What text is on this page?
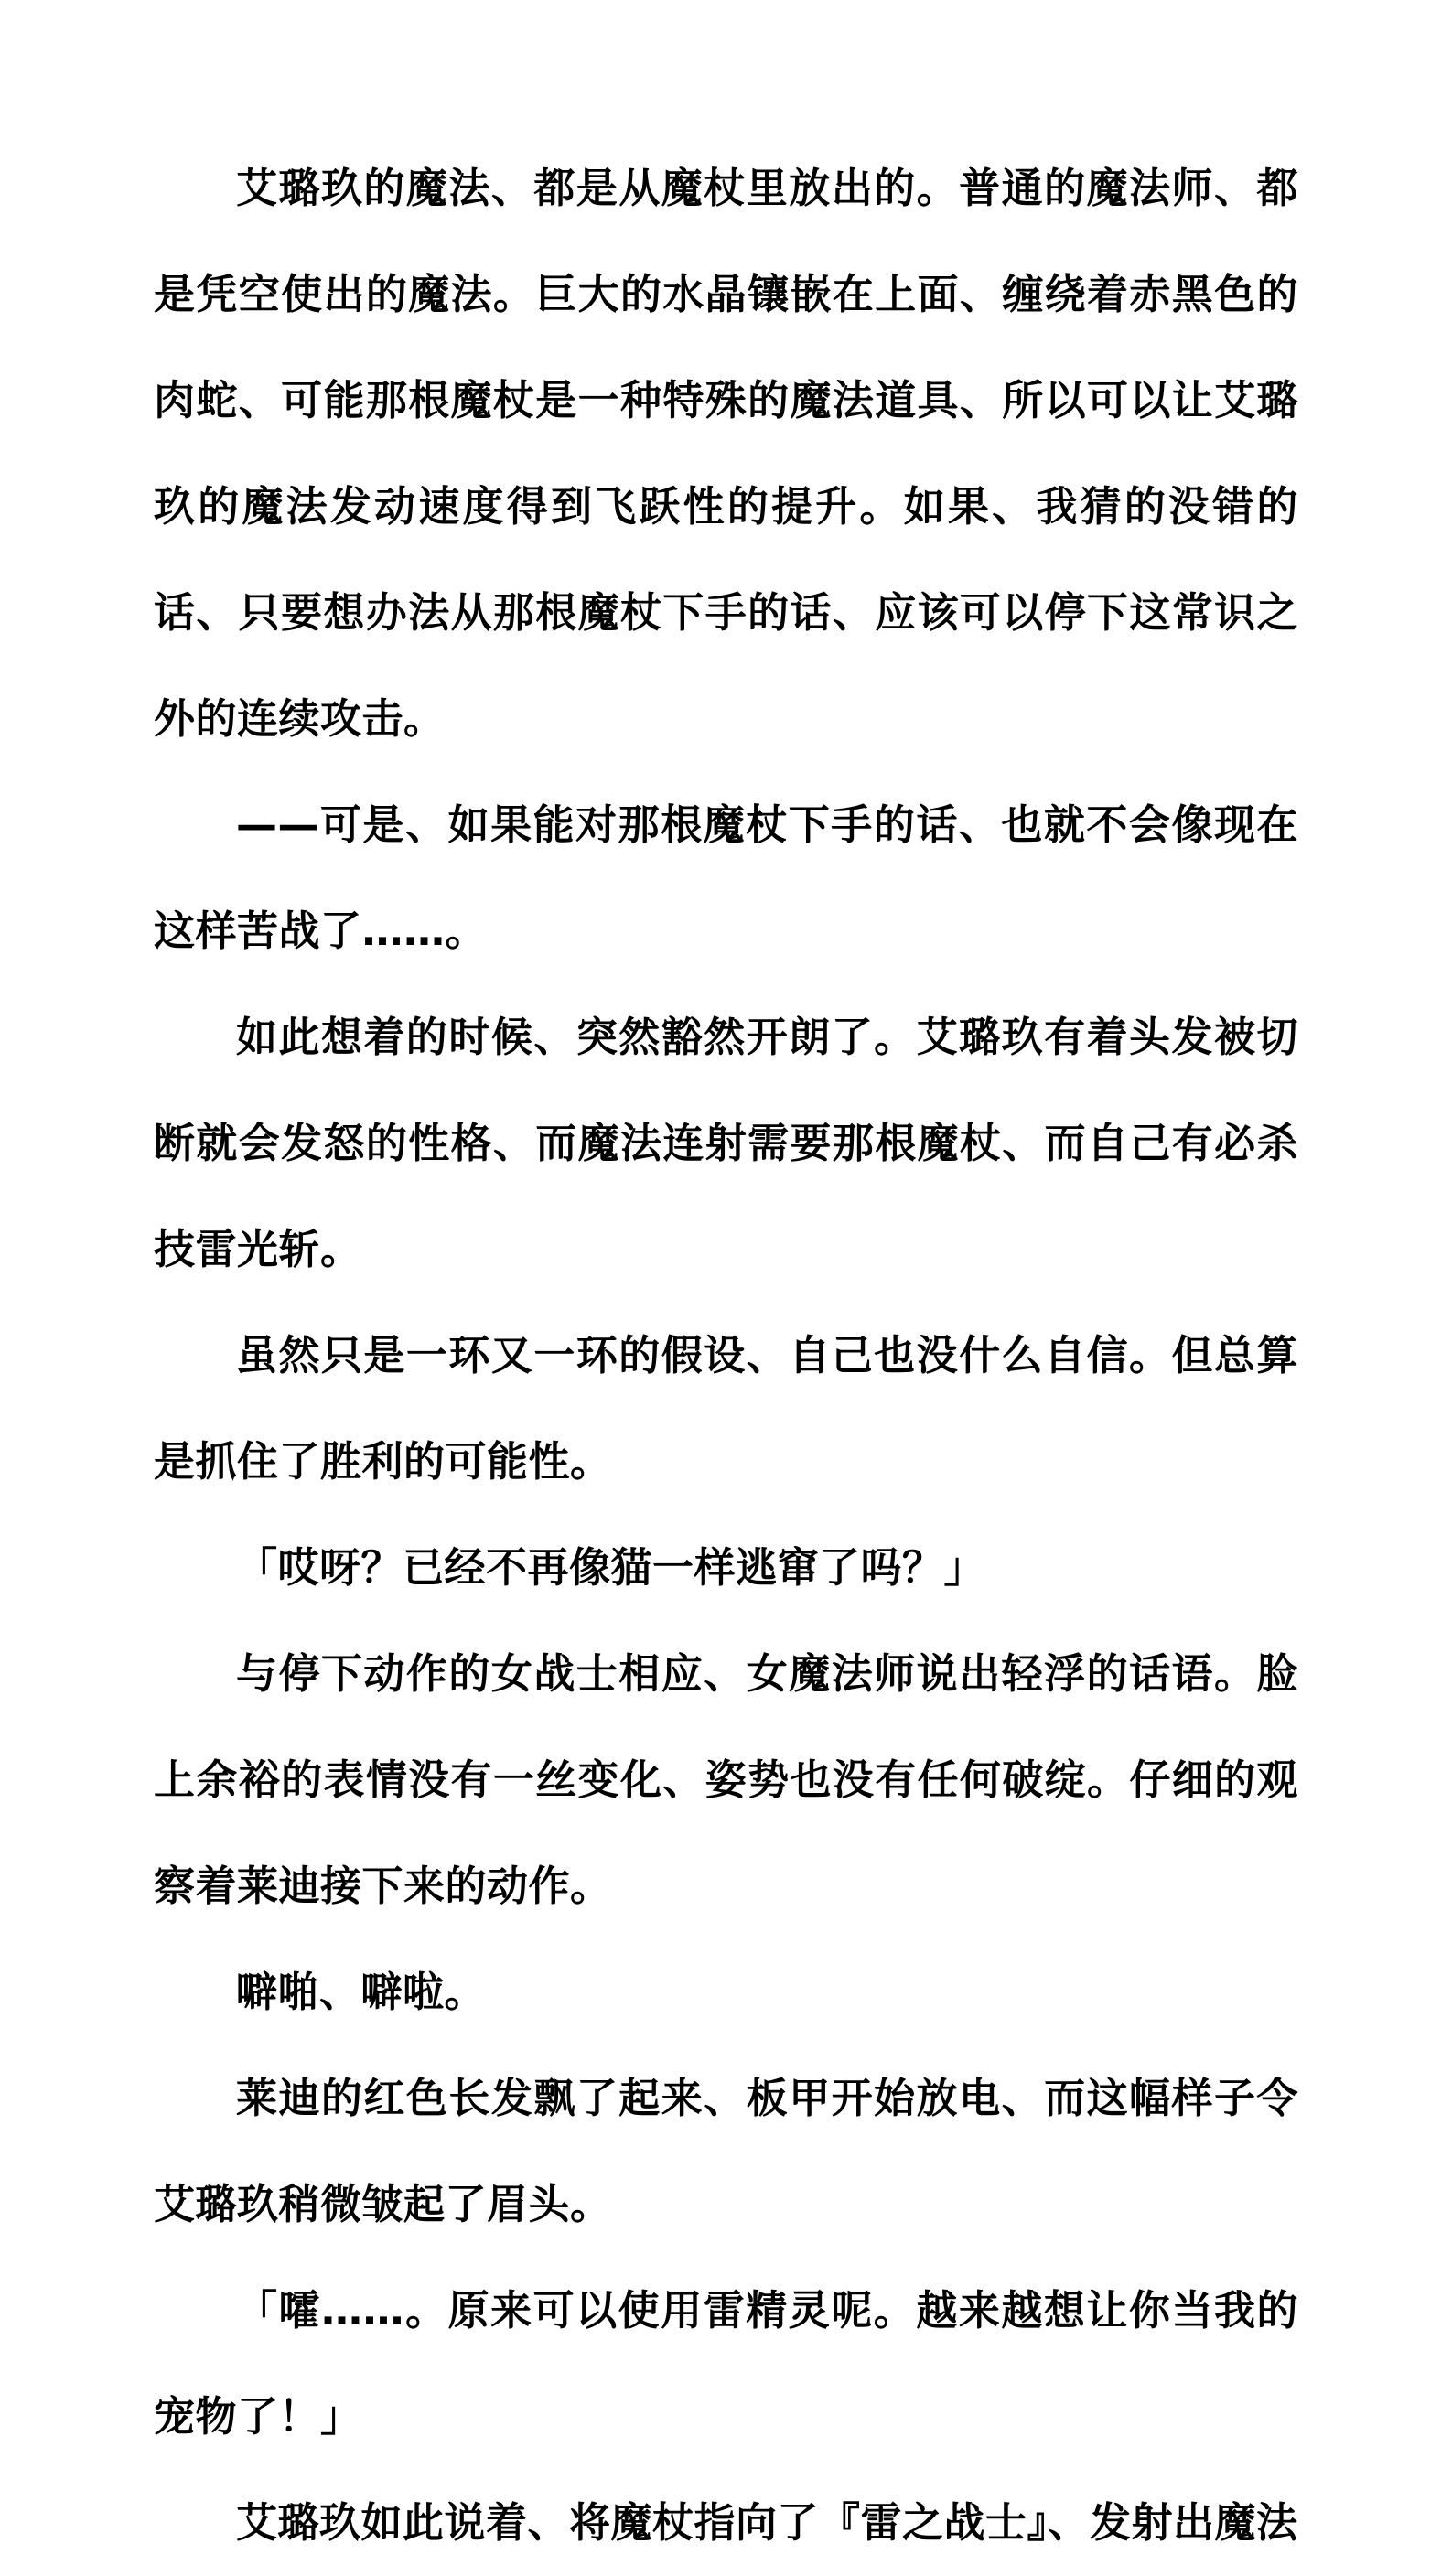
艾璐玖的魔法、都是从魔杖里放出的。普通的魔法师、都是凭空使出的魔法。巨大的水晶镶嵌在上面、缠绕着赤黑色的肉蛇、可能那根魔杖是一种特殊的魔法道具、所以可以让艾璐玖的魔法发动速度得到飞跃性的提升。如果、我猜的没错的话、只要想办法从那根魔杖下手的话、应该可以停下这常识之外的连续攻击。

——可是、如果能对那根魔杖下手的话、也就不会像现在这样苦战了……。

如此想着的时候、突然豁然开朗了。艾璐玖有着头发被切断就会发怒的性格、而魔法连射需要那根魔杖、而自己有必杀技雷光斩。

虽然只是一环又一环的假设、自己也没什么自信。但总算是抓住了胜利的可能性。

「哎呀？已经不再像猫一样逃窜了吗？」

与停下动作的女战士相应、女魔法师说出轻浮的话语。脸上余裕的表情没有一丝变化、姿势也没有任何破绽。仔细的观察着莱迪接下来的动作。

噼啪、噼啦。

莱迪的红色长发飘了起来、板甲开始放电、而这幅样子令艾璐玖稍微皱起了眉头。

「嚯……。原来可以使用雷精灵呢。越来越想让你当我的宠物了！」

艾璐玖如此说着、将魔杖指向了『雷之战士』、发射出魔法
